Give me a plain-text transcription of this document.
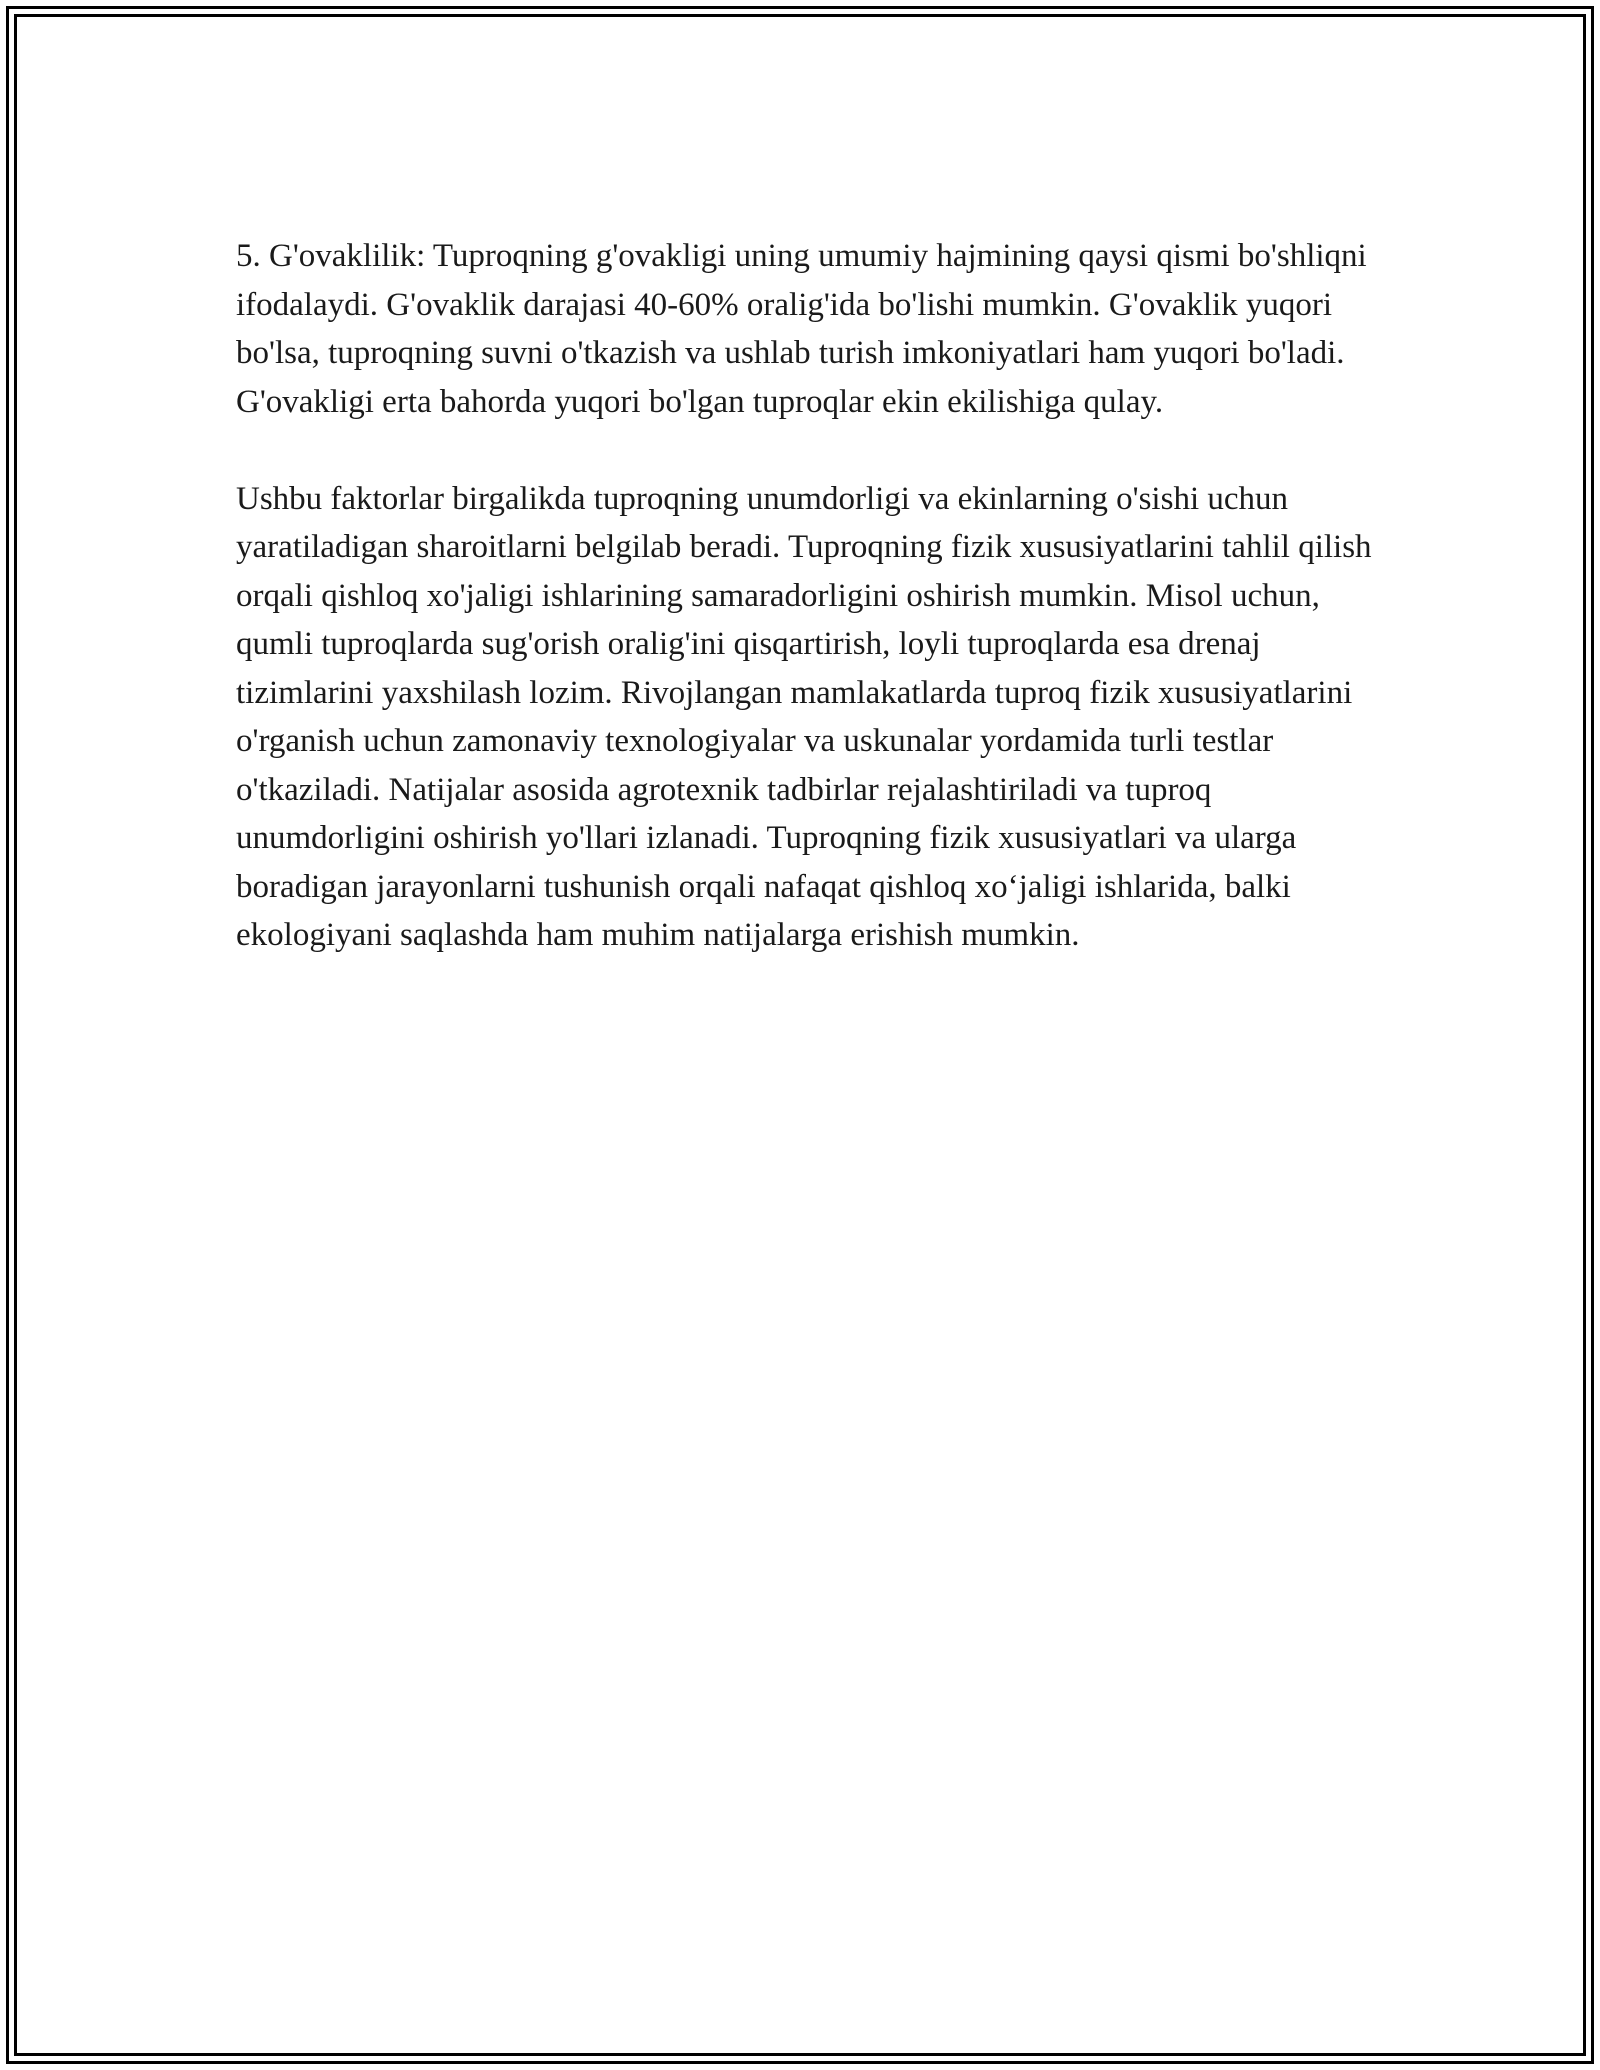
5. G'ovaklilik: Tuproqning g'ovakligi uning umumiy hajmining qaysi qismi bo'shliqni ifodalaydi. G'ovaklik darajasi 40-60% oralig'ida bo'lishi mumkin. G'ovaklik yuqori bo'lsa, tuproqning suvni o'tkazish va ushlab turish imkoniyatlari ham yuqori bo'ladi. G'ovakligi erta bahorda yuqori bo'lgan tuproqlar ekin ekilishiga qulay.

Ushbu faktorlar birgalikda tuproqning unumdorligi va ekinlarning o'sishi uchun yaratiladigan sharoitlarni belgilab beradi. Tuproqning fizik xususiyatlarini tahlil qilish orqali qishloq xo'jaligi ishlarining samaradorligini oshirish mumkin. Misol uchun, qumli tuproqlarda sug'orish oralig'ini qisqartirish, loyli tuproqlarda esa drenaj tizimlarini yaxshilash lozim. Rivojlangan mamlakatlarda tuproq fizik xususiyatlarini o'rganish uchun zamonaviy texnologiyalar va uskunalar yordamida turli testlar o'tkaziladi. Natijalar asosida agrotexnik tadbirlar rejalashtiriladi va tuproq unumdorligini oshirish yo'llari izlanadi. Tuproqning fizik xususiyatlari va ularga boradigan jarayonlarni tushunish orqali nafaqat qishloq xo‘jaligi ishlarida, balki ekologiyani saqlashda ham muhim natijalarga erishish mumkin.
